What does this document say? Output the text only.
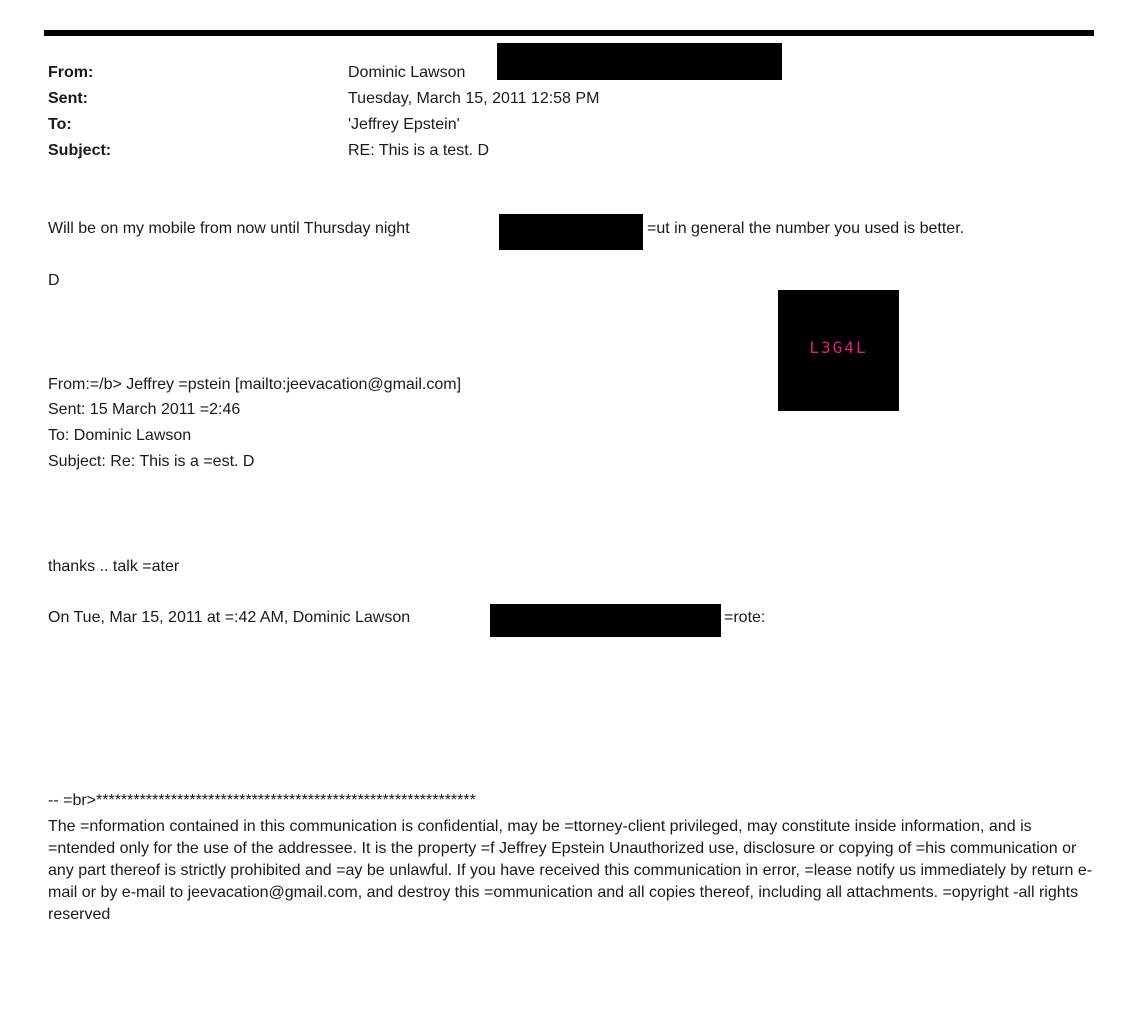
From:	Dominic Lawson
Sent:	Tuesday, March 15, 2011 12:58 PM
To:	'Jeffrey Epstein'
Subject:	RE: This is a test. D
Will be on my mobile from now until Thursday night	=ut in general the number you used is better.
D
L3G4L
From:=/b> Jeffrey =pstein [mailto:jeevacation@gmail.com]
Sent: 15 March 2011 =2:46
To: Dominic Lawson
Subject: Re: This is a =est. D
thanks .. talk =ater
On Tue, Mar 15, 2011 at =:42 AM, Dominic Lawson	=rote:
-- =br>*************************************************************
The =nformation contained in this communication is confidential, may be =ttorney-client privileged, may constitute inside information, and is =ntended only for the use of the addressee. It is the property =f Jeffrey Epstein Unauthorized use, disclosure or copying of =his communication or any part thereof is strictly prohibited and =ay be unlawful. If you have received this communication in error, =lease notify us immediately by return e-mail or by e-mail to jeevacation@gmail.com, and destroy this =ommunication and all copies thereof, including all attachments. =opyright -all rights reserved
